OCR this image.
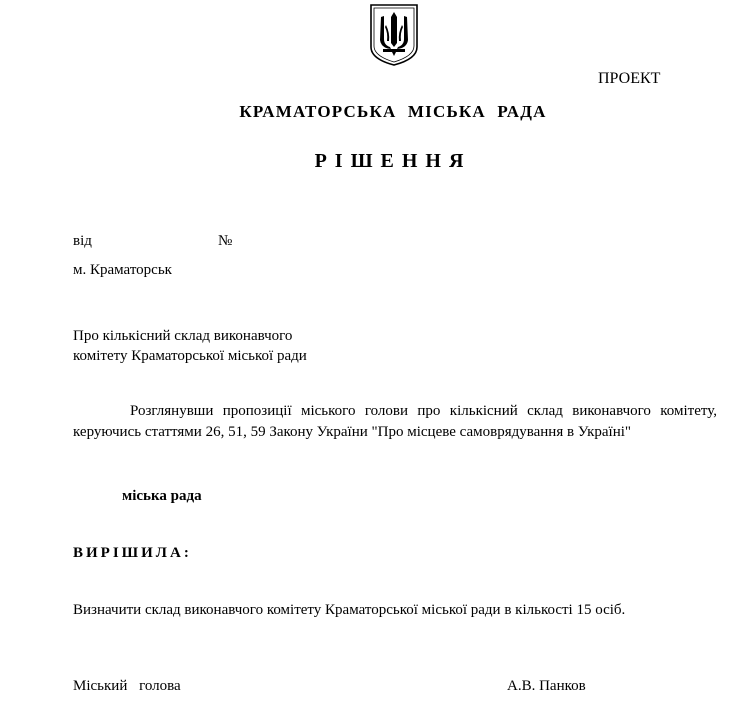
ПРОЕКТ
КРАМАТОРСЬКА МІСЬКА РАДА
РІШЕННЯ
від	№
м. Краматорськ
Про кількісний склад виконавчого комітету Краматорської міської ради
Розглянувши пропозиції міського голови про кількісний склад виконавчого комітету, керуючись статтями 26, 51, 59 Закону України "Про місцеве самоврядування в Україні"
міська рада
ВИРІШИЛА:
Визначити склад виконавчого комітету Краматорської міської ради в кількості 15 осіб.
Міський голова	А.В. Панков
